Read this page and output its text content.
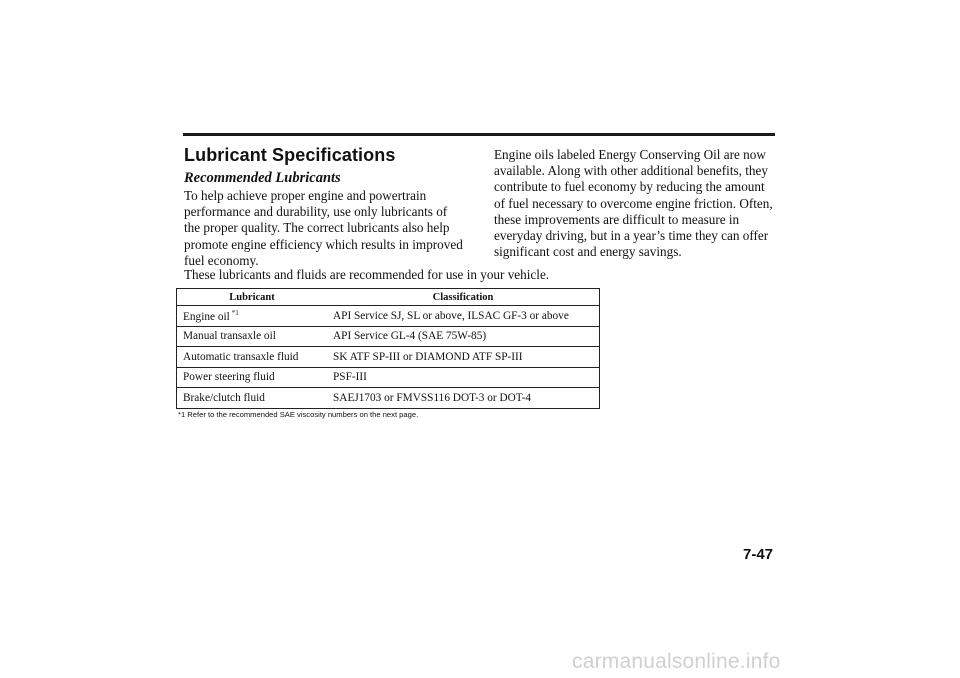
Lubricant Specifications
Recommended Lubricants

To help achieve proper engine and powertrain performance and durability, use only lubricants of the proper quality. The correct lubricants also help promote engine efficiency which results in improved fuel economy.

Engine oils labeled Energy Conserving Oil are now available. Along with other additional benefits, they contribute to fuel economy by reducing the amount of fuel necessary to overcome engine friction. Often, these improvements are difficult to measure in everyday driving, but in a year’s time they can offer significant cost and energy savings.

These lubricants and fluids are recommended for use in your vehicle.

Lubricant	Classification
Engine oil $^{*1}$	API Service SJ, SL or above, ILSAC GF-3 or above
Manual transaxle oil	API Service GL-4 (SAE 75W-85)
Automatic transaxle fluid	SK ATF SP-III or DIAMOND ATF SP-III
Power steering fluid	PSF-III
Brake/clutch fluid	SAEJ1703 or FMVSS116 DOT-3 or DOT-4

*1 Refer to the recommended SAE viscosity numbers on the next page.

7-47

carmanualsonline.info
